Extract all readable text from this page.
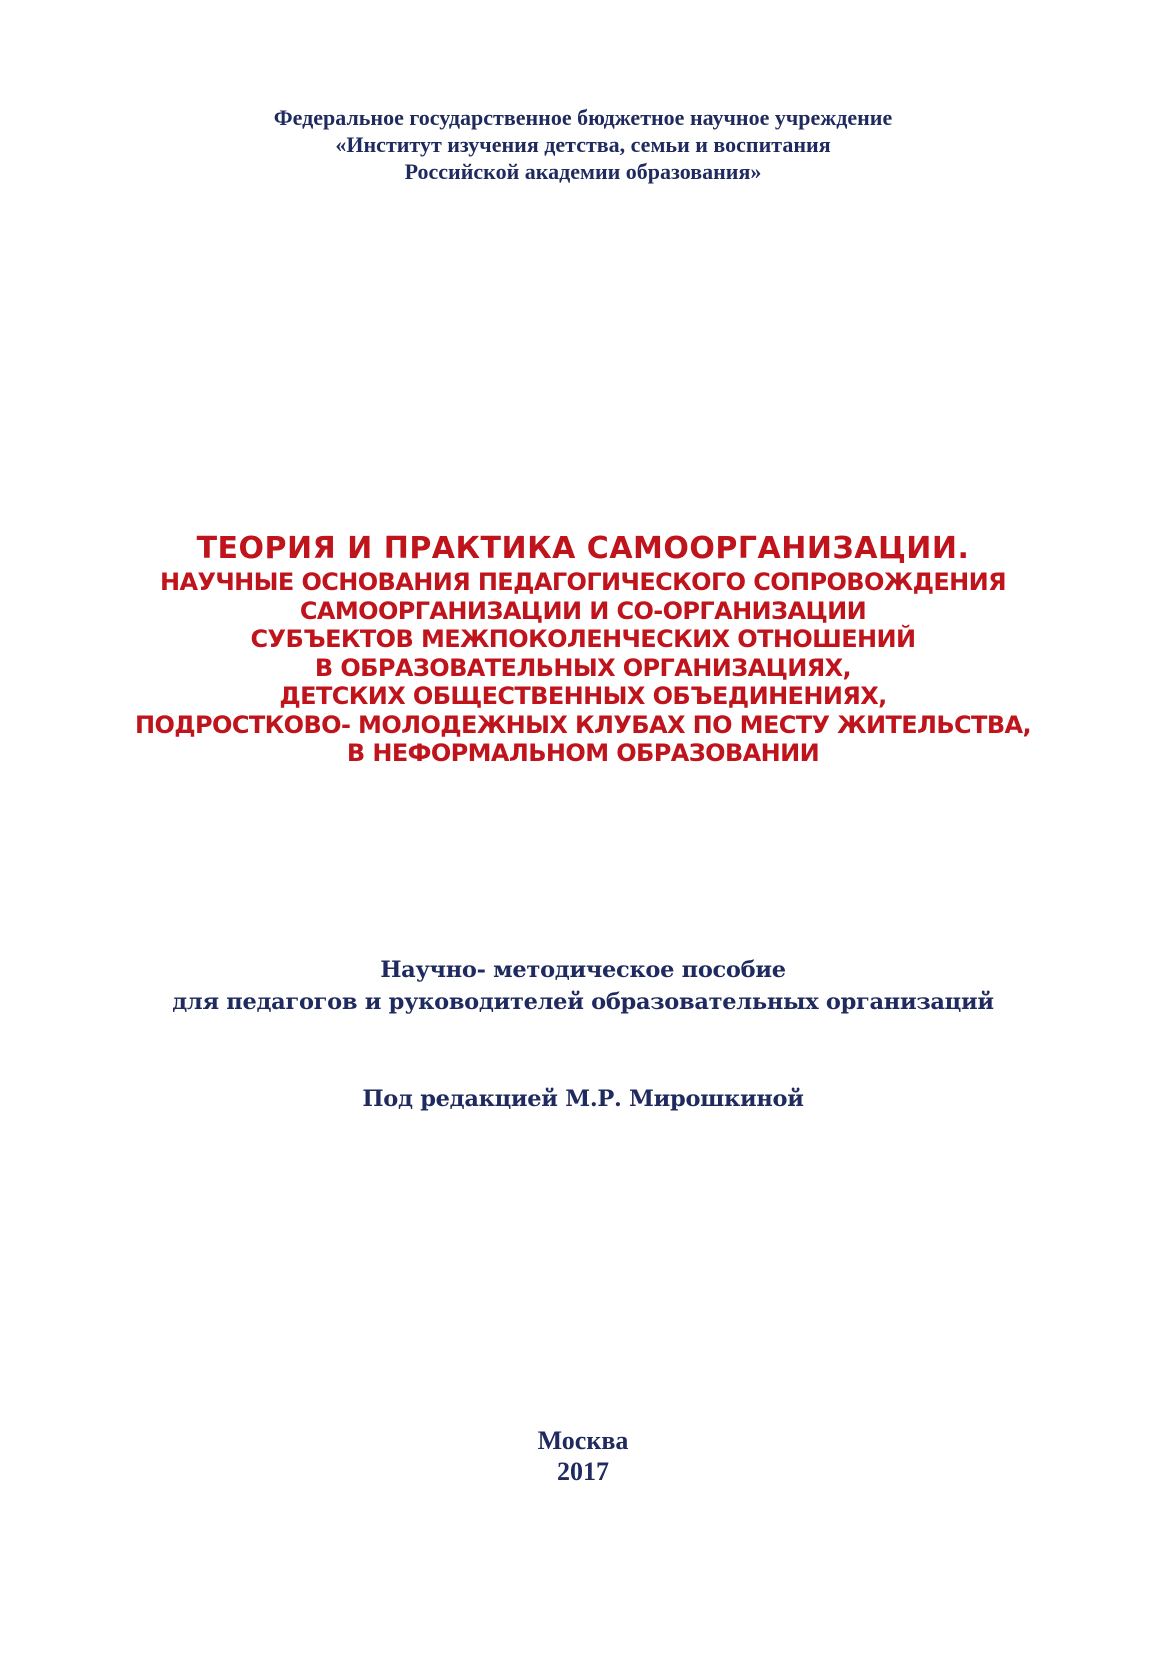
Федеральное государственное бюджетное научное учреждение
«Институт изучения детства, семьи и воспитания
Российской академии образования»
ТЕОРИЯ И ПРАКТИКА САМООРГАНИЗАЦИИ.
НАУЧНЫЕ ОСНОВАНИЯ ПЕДАГОГИЧЕСКОГО СОПРОВОЖДЕНИЯ
САМООРГАНИЗАЦИИ И СО-ОРГАНИЗАЦИИ
СУБЪЕКТОВ МЕЖПОКОЛЕНЧЕСКИХ ОТНОШЕНИЙ
В ОБРАЗОВАТЕЛЬНЫХ ОРГАНИЗАЦИЯХ,
ДЕТСКИХ ОБЩЕСТВЕННЫХ ОБЪЕДИНЕНИЯХ,
ПОДРОСТКОВО- МОЛОДЕЖНЫХ КЛУБАХ ПО МЕСТУ ЖИТЕЛЬСТВА,
В НЕФОРМАЛЬНОМ ОБРАЗОВАНИИ
Научно- методическое пособие
для педагогов и руководителей образовательных организаций
Под редакцией М.Р. Мирошкиной
Москва
2017
